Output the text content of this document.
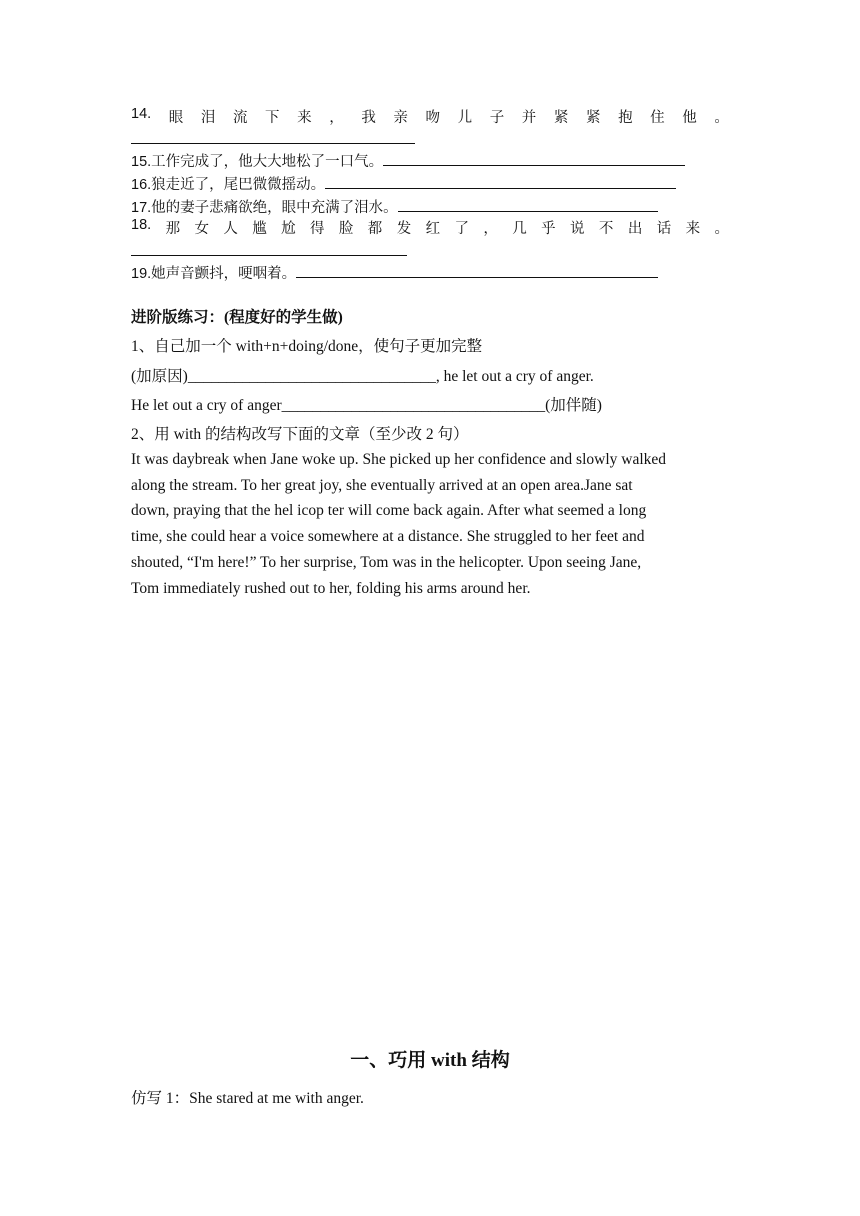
14. 眼 泪 流 下 来 ， 我 亲 吻 儿 子 并 紧 紧 抱 住 他 。
15.工作完成了，他大大地松了一口气。
16.狼走近了，尾巴微微摇动。
17.他的妻子悲痛欲绝，眼中充满了泪水。
18. 那 女 人 尴 尬 得 脸 都 发 红 了 ， 几 乎 说 不 出 话 来 。
19.她声音颤抖，哽咽着。
进阶版练习：(程度好的学生做)
1、自己加一个 with+n+doing/done，使句子更加完整
(加原因)________________________________, he let out a cry of anger.
He let out a cry of anger__________________________________(加伴随)
2、用 with 的结构改写下面的文章（至少改 2 句）
It was daybreak when Jane woke up. She picked up her confidence and slowly walked
along the stream. To her great joy, she eventually arrived at an open area.Jane sat
down, praying that the hel icop ter will come back again. After what seemed a long
time, she could hear a voice somewhere at a distance. She struggled to her feet and
shouted, “I'm here!” To her surprise, Tom was in the helicopter. Upon seeing Jane,
Tom immediately rushed out to her, folding his arms around her.
一、巧用 with 结构
仿写 1：She stared at me with anger.
